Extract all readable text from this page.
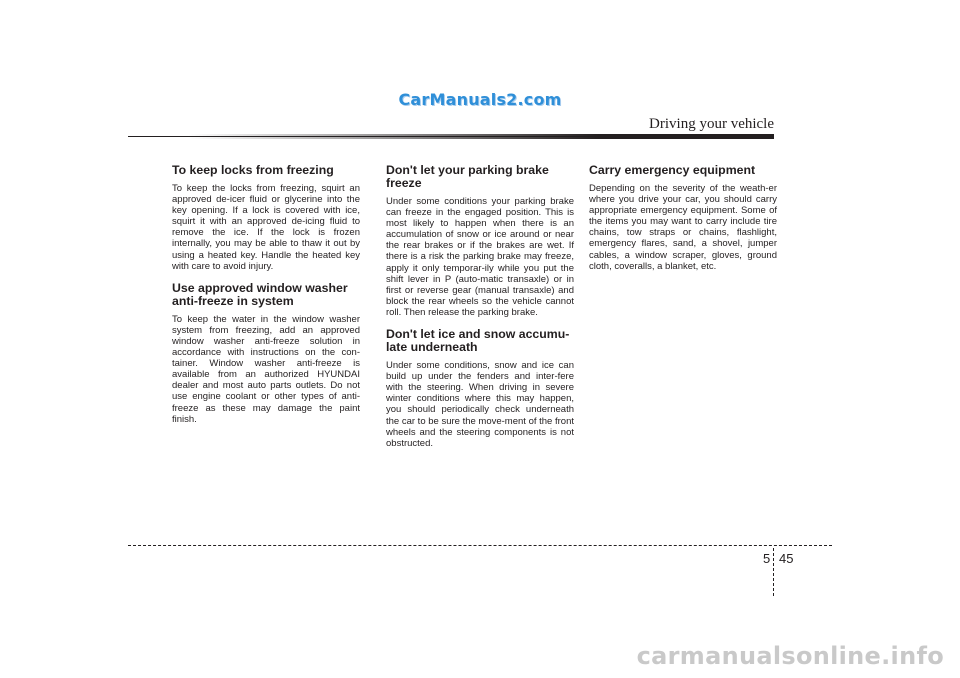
CarManuals2.com
Driving your vehicle
To keep locks from freezing

To keep the locks from freezing, squirt an approved de-icer fluid or glycerine into the key opening. If a lock is covered with ice, squirt it with an approved de-icing fluid to remove the ice. If the lock is frozen internally, you may be able to thaw it out by using a heated key. Handle the heated key with care to avoid injury.

Use approved window washer anti-freeze in system

To keep the water in the window washer system from freezing, add an approved window washer anti-freeze solution in accordance with instructions on the con-tainer. Window washer anti-freeze is available from an authorized HYUNDAI dealer and most auto parts outlets. Do not use engine coolant or other types of anti-freeze as these may damage the paint finish.

Don't let your parking brake freeze

Under some conditions your parking brake can freeze in the engaged position. This is most likely to happen when there is an accumulation of snow or ice around or near the rear brakes or if the brakes are wet. If there is a risk the parking brake may freeze, apply it only temporar-ily while you put the shift lever in P (auto-matic transaxle) or in first or reverse gear (manual transaxle) and block the rear wheels so the vehicle cannot roll. Then release the parking brake.

Don't let ice and snow accumu-late underneath

Under some conditions, snow and ice can build up under the fenders and inter-fere with the steering. When driving in severe winter conditions where this may happen, you should periodically check underneath the car to be sure the move-ment of the front wheels and the steering components is not obstructed.

Carry emergency equipment

Depending on the severity of the weath-er where you drive your car, you should carry appropriate emergency equipment. Some of the items you may want to carry include tire chains, tow straps or chains, flashlight, emergency flares, sand, a shovel, jumper cables, a window scraper, gloves, ground cloth, coveralls, a blanket, etc.

5 45
carmanualsonline.info
